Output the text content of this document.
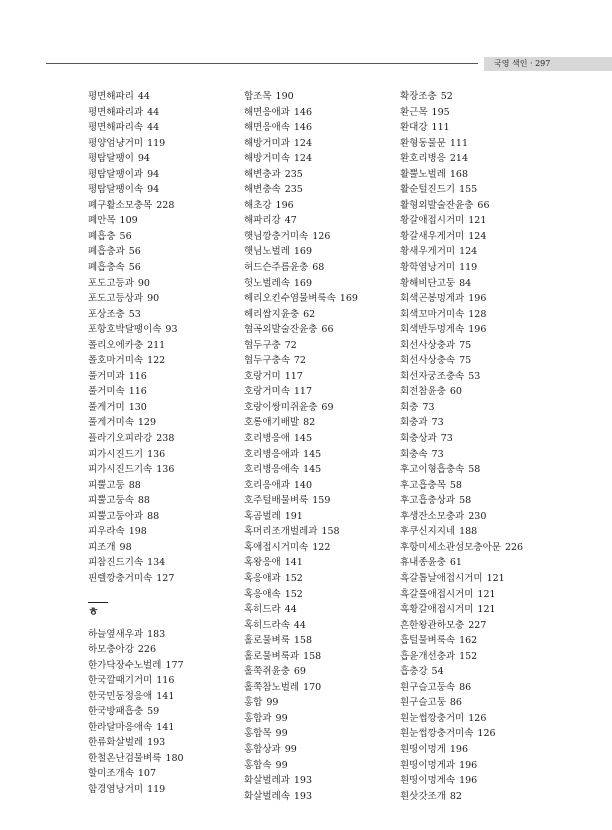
국영 색인 · 297
평면해파리 44
평면해파리과 44
평면해파리속 44
평양엄냥거미 119
평탐달팽이 94
평탐달팽이과 94
평탐달팽이속 94
폐구활소모충목 228
폐안목 109
폐흡충 56
폐흡충과 56
폐흡충속 56
포도고등과 90
포도고등상과 90
포상조충 53
포항호박달팽이속 93
폴리오에카충 211
폴호마거미속 122
풀거미과 116
풀거미속 116
풀게거미 130
풀게거미속 129
플라기오피라강 238
피가시진드기 136
피가시진드기속 136
피뿔고둥 88
피뿔고둥속 88
피뿔고둥아과 88
피우라속 198
피조개 98
피참진드기속 134
핀렐깡충거미속 127
ㅎ
하늘옆새우과 183
하모충아강 226
한가닥장수노벌레 177
한국깔때기거미 116
한국민동정응애 141
한국방패흡충 59
한라달마응애속 141
한류화살벌레 193
한철온난검물벼룩 180
할미조개속 107
함경염낭거미 119
합조목 190
해면응애과 146
해면응애속 146
해방거미과 124
해방거미속 124
해변충과 235
해변충속 235
해초강 196
해파리강 47
햇님깡충거미속 126
햇님노벌레 169
허드슨주름윤충 68
헛노벌레속 169
헤리오킨수염물벼룩속 169
헤리쌈지윤충 62
협곡외발술잔윤충 66
협두구충 72
협두구충속 72
호랑거미 117
호랑거미속 117
호랑이쌍미쥐윤충 69
호롱애기배발 82
호리병응애 145
호리병응애과 145
호리병응애속 145
호리응애과 140
호주털배물벼룩 159
혹곰벌레 191
혹머리조개벌레과 158
혹애접시거미속 122
혹왕응애 141
혹응애과 152
혹응애속 152
혹히드라 44
혹히드라속 44
홀로물벼룩 158
홀로물벼룩과 158
홀쭉쥐윤충 69
홀쭉참노벌레 170
홍합 99
홍합과 99
홍합목 99
홍합상과 99
홍합속 99
화살벌레과 193
화살벌레속 193
확장조충 52
환근목 195
환대강 111
환형동물문 111
환호리병응 214
활뿔노벌레 168
활순털진드기 155
활형외발술잔윤충 66
황갈애접시거미 121
황갈새우게거미 124
황새우게거미 124
황학염낭거미 119
황해비단고둥 84
회색곤봉멍게과 196
회색꼬마거미속 128
회색반두멍게속 196
회선사상충과 75
회선사상충속 75
회선자궁조충속 53
회전참윤충 60
회충 73
회충과 73
회충상과 73
회충속 73
후고이형흡충속 58
후고흡충목 58
후고흡충상과 58
후생잔소모충과 230
후쿠신지지네 188
후항미세소관섬모충아문 226
휴내종윤충 61
흑갈톱날애접시거미 121
흑갈풀애접시거미 121
흑황갈애접시거미 121
흔한왕관하모충 227
흡털물벼룩속 162
흡윤개선충과 152
흡충강 54
흰구슬고둥속 86
흰구슬고둥 86
흰눈썹깡충거미 126
흰눈썹깡충거미속 126
흰띵이멍게 196
흰띵이멍게과 196
흰띵이멍게속 196
흰삿갓조개 82
